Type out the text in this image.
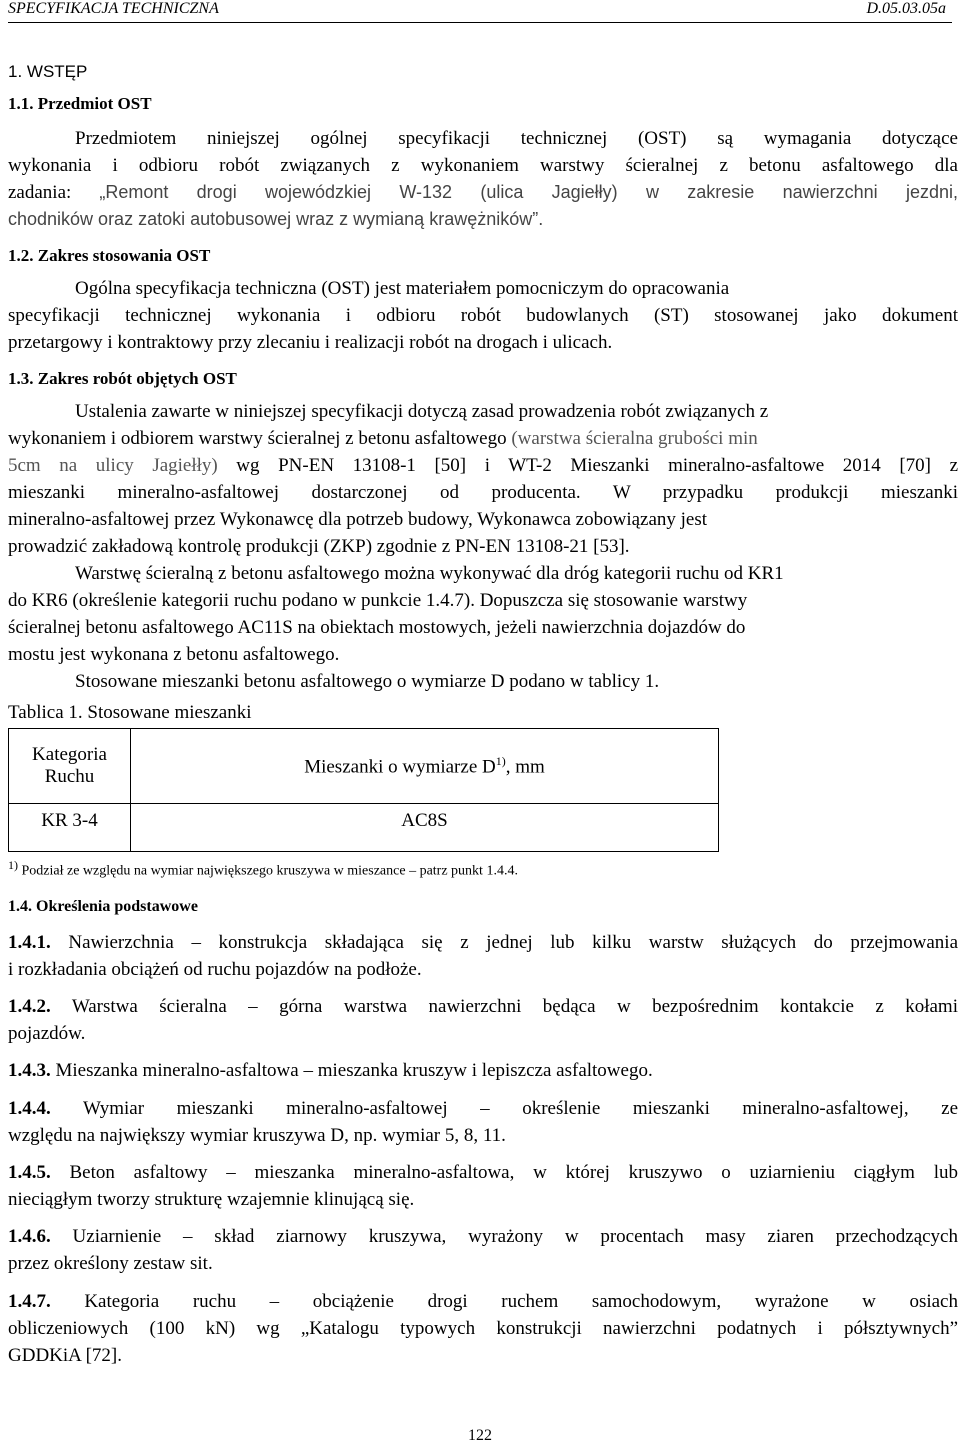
SPECYFIKACJA TECHNICZNA	D.05.03.05a
1. WSTĘP
1.1. Przedmiot OST
Przedmiotem niniejszej ogólnej specyfikacji technicznej (OST) są wymagania dotyczące
wykonania i odbioru robót związanych z wykonaniem warstwy ścieralnej z betonu asfaltowego dla
zadania: „Remont drogi wojewódzkiej W-132 (ulica Jagiełły) w zakresie nawierzchni jezdni,
chodników oraz zatoki autobusowej wraz z wymianą krawężników”.
1.2. Zakres stosowania OST
Ogólna specyfikacja techniczna (OST) jest materiałem pomocniczym do opracowania
specyfikacji technicznej wykonania i odbioru robót budowlanych (ST) stosowanej jako dokument
przetargowy i kontraktowy przy zlecaniu i realizacji robót na drogach i ulicach.
1.3. Zakres robót objętych OST
Ustalenia zawarte w niniejszej specyfikacji dotyczą zasad prowadzenia robót związanych z
wykonaniem i odbiorem warstwy ścieralnej z betonu asfaltowego (warstwa ścieralna grubości min
5cm na ulicy Jagiełły) wg PN-EN 13108-1 [50] i WT-2 Mieszanki mineralno-asfaltowe 2014 [70] z
mieszanki mineralno-asfaltowej dostarczonej od producenta. W przypadku produkcji mieszanki
mineralno-asfaltowej przez Wykonawcę dla potrzeb budowy, Wykonawca zobowiązany jest
prowadzić zakładową kontrolę produkcji (ZKP) zgodnie z PN-EN 13108-21 [53].
Warstwę ścieralną z betonu asfaltowego można wykonywać dla dróg kategorii ruchu od KR1
do KR6 (określenie kategorii ruchu podano w punkcie 1.4.7). Dopuszcza się stosowanie warstwy
ścieralnej betonu asfaltowego AC11S na obiektach mostowych, jeżeli nawierzchnia dojazdów do
mostu jest wykonana z betonu asfaltowego.
Stosowane mieszanki betonu asfaltowego o wymiarze D podano w tablicy 1.
Tablica 1. Stosowane mieszanki
Kategoria
Ruchu	Mieszanki o wymiarze $D^{1)}$, mm
KR 3-4	AC8S
$^{1)}$ Podział ze względu na wymiar największego kruszywa w mieszance – patrz punkt 1.4.4.
1.4. Określenia podstawowe
1.4.1. Nawierzchnia – konstrukcja składająca się z jednej lub kilku warstw służących do przejmowania
i rozkładania obciążeń od ruchu pojazdów na podłoże.
1.4.2. Warstwa ścieralna – górna warstwa nawierzchni będąca w bezpośrednim kontakcie z kołami
pojazdów.
1.4.3. Mieszanka mineralno-asfaltowa – mieszanka kruszyw i lepiszcza asfaltowego.
1.4.4. Wymiar mieszanki mineralno-asfaltowej – określenie mieszanki mineralno-asfaltowej, ze
względu na największy wymiar kruszywa D, np. wymiar 5, 8, 11.
1.4.5. Beton asfaltowy – mieszanka mineralno-asfaltowa, w której kruszywo o uziarnieniu ciągłym lub
nieciągłym tworzy strukturę wzajemnie klinującą się.
1.4.6. Uziarnienie – skład ziarnowy kruszywa, wyrażony w procentach masy ziaren przechodzących
przez określony zestaw sit.
1.4.7. Kategoria ruchu – obciążenie drogi ruchem samochodowym, wyrażone w osiach
obliczeniowych (100 kN) wg „Katalogu typowych konstrukcji nawierzchni podatnych i półsztywnych”
GDDKiA [72].
122
